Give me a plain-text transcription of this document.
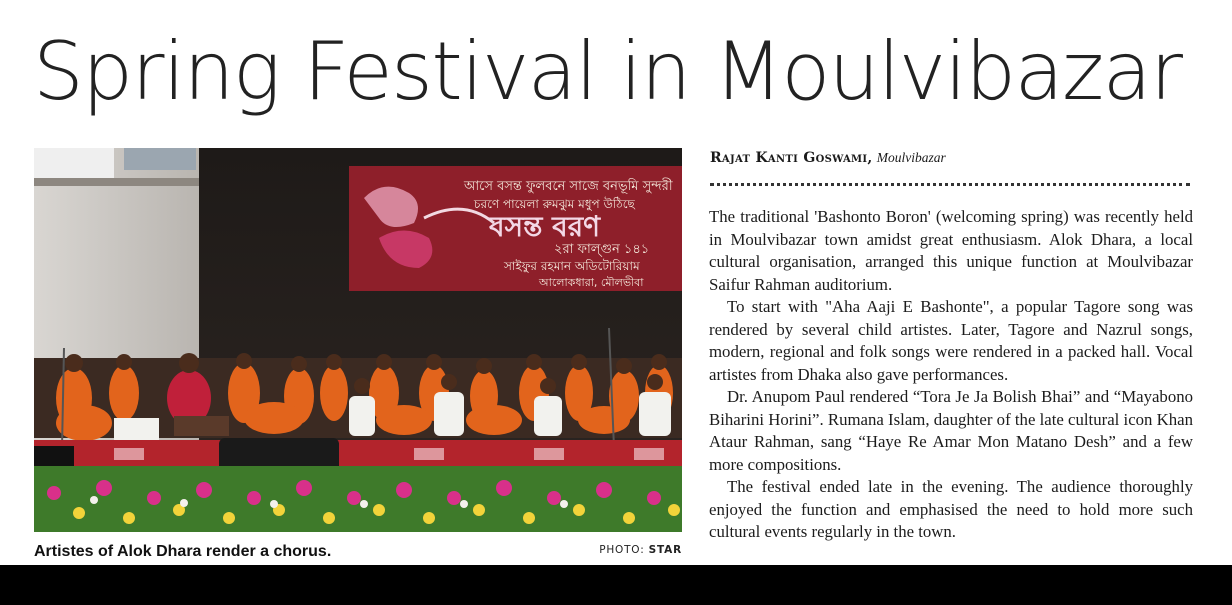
Spring Festival in Moulvibazar
আসে বসন্ত ফুলবনে সাজে বনভূমি সুন্দরী
চরণে পায়েলা রুমঝুম মধুপ উঠিছে
বসন্ত বরণ
২রা ফাল্গুন ১৪১
সাইফুর রহমান অডিটোরিয়াম
আলোকধারা, মৌলভীবা
Artistes of Alok Dhara render a chorus.	PHOTO: STAR
Rajat Kanti Goswami, Moulvibazar

The traditional 'Bashonto Boron' (welcoming spring) was recently held in Moulvibazar town amidst great enthusiasm. Alok Dhara, a local cultural organisation, arranged this unique function at Moulvibazar Saifur Rahman auditorium.

To start with "Aha Aaji E Bashonte", a popular Tagore song was rendered by several child artistes. Later, Tagore and Nazrul songs, modern, regional and folk songs were rendered in a packed hall. Vocal artistes from Dhaka also gave performances.

Dr. Anupom Paul rendered “Tora Je Ja Bolish Bhai” and “Mayabono Biharini Horini”. Rumana Islam, daughter of the late cultural icon Khan Ataur Rahman, sang “Haye Re Amar Mon Matano Desh” and a few more compositions.

The festival ended late in the evening. The audience thoroughly enjoyed the function and emphasised the need to hold more such cultural events regularly in the town.
